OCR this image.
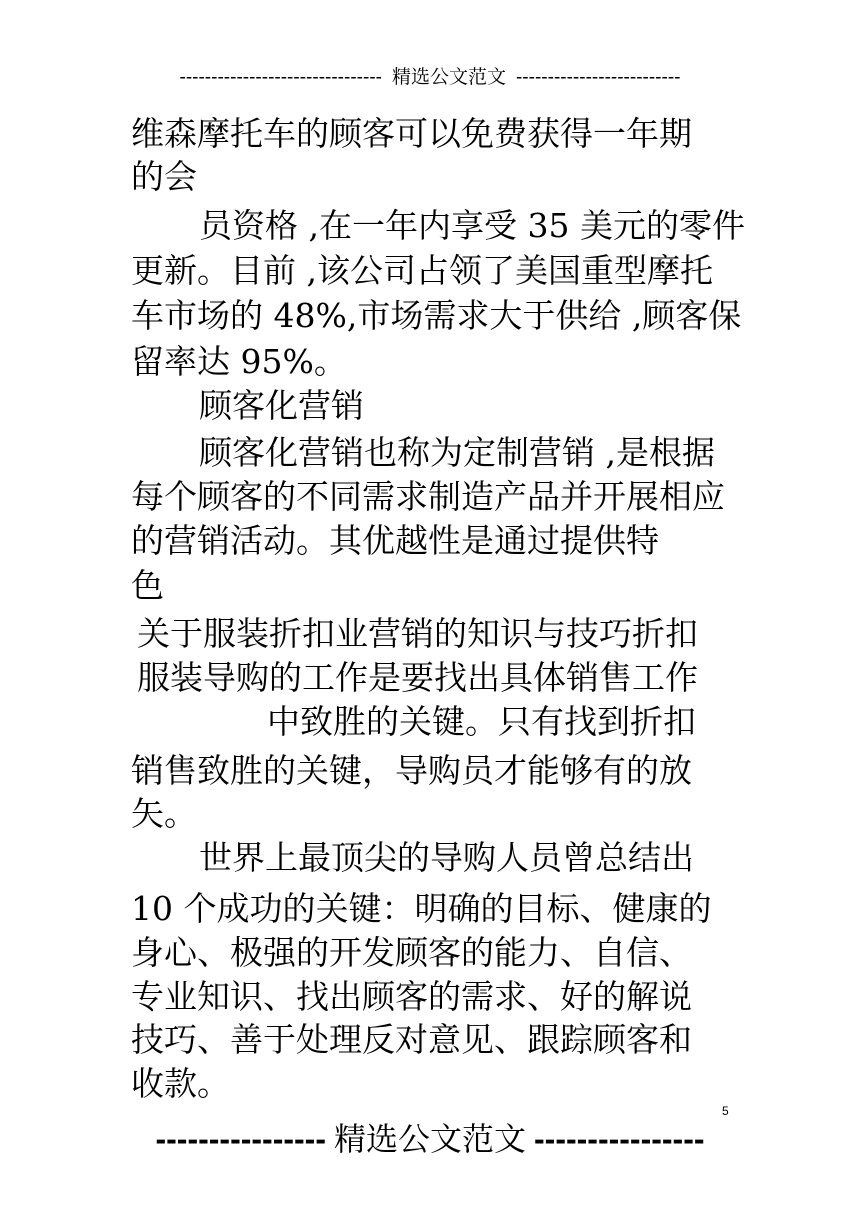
-------------------------------- 精选公文范文 --------------------------
维森摩托车的顾客可以免费获得一年期
的会
员资格 ,在一年内享受 35 美元的零件
更新。目前 ,该公司占领了美国重型摩托
车市场的 48%,市场需求大于供给 ,顾客保
留率达 95%。
顾客化营销
顾客化营销也称为定制营销 ,是根据
每个顾客的不同需求制造产品并开展相应
的营销活动。其优越性是通过提供特
色
关于服装折扣业营销的知识与技巧折扣
服装导购的工作是要找出具体销售工作
中致胜的关键。只有找到折扣
销售致胜的关键，导购员才能够有的放
矢。
世界上最顶尖的导购人员曾总结出
10 个成功的关键：明确的目标、健康的
身心、极强的开发顾客的能力、自信、
专业知识、找出顾客的需求、好的解说
技巧、善于处理反对意见、跟踪顾客和
收款。
5
---------------- 精选公文范文 ----------------
